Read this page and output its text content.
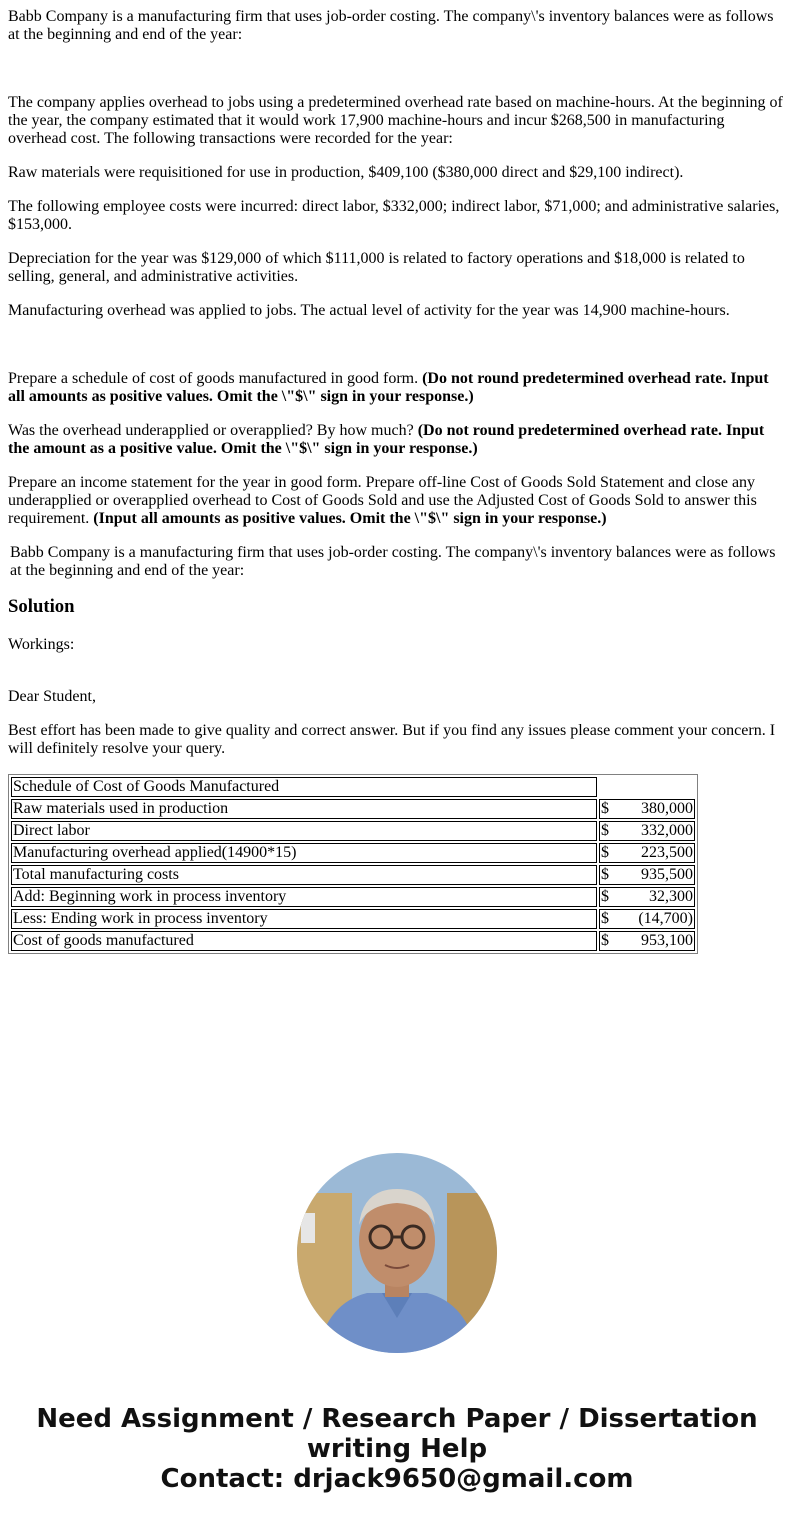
Babb Company is a manufacturing firm that uses job-order costing. The company\'s inventory balances were as follows at the beginning and end of the year:

The company applies overhead to jobs using a predetermined overhead rate based on machine-hours. At the beginning of the year, the company estimated that it would work 17,900 machine-hours and incur $268,500 in manufacturing overhead cost. The following transactions were recorded for the year:

Raw materials were requisitioned for use in production, $409,100 ($380,000 direct and $29,100 indirect).

The following employee costs were incurred: direct labor, $332,000; indirect labor, $71,000; and administrative salaries, $153,000.

Depreciation for the year was $129,000 of which $111,000 is related to factory operations and $18,000 is related to selling, general, and administrative activities.

Manufacturing overhead was applied to jobs. The actual level of activity for the year was 14,900 machine-hours.

Prepare a schedule of cost of goods manufactured in good form. (Do not round predetermined overhead rate. Input all amounts as positive values. Omit the \"$\" sign in your response.)

Was the overhead underapplied or overapplied? By how much? (Do not round predetermined overhead rate. Input the amount as a positive value. Omit the \"$\" sign in your response.)

Prepare an income statement for the year in good form. Prepare off-line Cost of Goods Sold Statement and close any underapplied or overapplied overhead to Cost of Goods Sold and use the Adjusted Cost of Goods Sold to answer this requirement. (Input all amounts as positive values. Omit the \"$\" sign in your response.)

Babb Company is a manufacturing firm that uses job-order costing. The company\'s inventory balances were as follows at the beginning and end of the year:

Solution

Workings:

Dear Student,

Best effort has been made to give quality and correct answer. But if you find any issues please comment your concern. I will definitely resolve your query.

Schedule of Cost of Goods Manufactured	
Raw materials used in production	$ 380,000

Direct labor	$ 332,000

Manufacturing overhead applied(14900*15)	$ 223,500

Total manufacturing costs	$ 935,500

Add: Beginning work in process inventory	$ 32,300

Less: Ending work in process inventory	$ (14,700)

Cost of goods manufactured	$ 953,100
Need Assignment / Research Paper / Dissertation
writing Help
Contact: drjack9650@gmail.com
